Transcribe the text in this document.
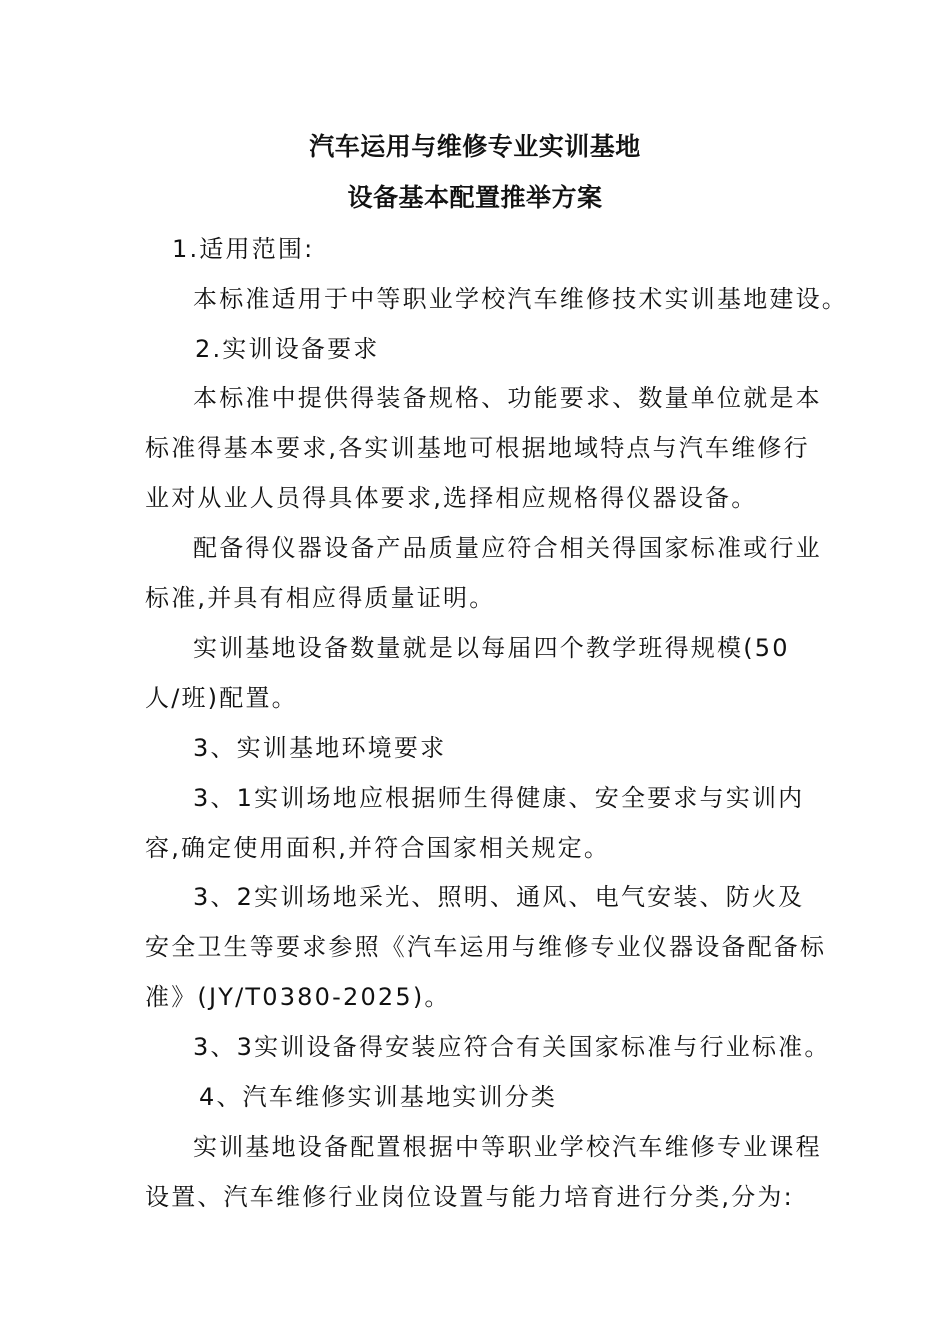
汽车运用与维修专业实训基地
设备基本配置推举方案
1.适用范围:
本标准适用于中等职业学校汽车维修技术实训基地建设。
2.实训设备要求
本标准中提供得装备规格、功能要求、数量单位就是本
标准得基本要求,各实训基地可根据地域特点与汽车维修行
业对从业人员得具体要求,选择相应规格得仪器设备。
配备得仪器设备产品质量应符合相关得国家标准或行业
标准,并具有相应得质量证明。
实训基地设备数量就是以每届四个教学班得规模(50
人/班)配置。
3、实训基地环境要求
3、1实训场地应根据师生得健康、安全要求与实训内
容,确定使用面积,并符合国家相关规定。
3、2实训场地采光、照明、通风、电气安装、防火及
安全卫生等要求参照《汽车运用与维修专业仪器设备配备标
准》(JY/T0380-2025)。
3、3实训设备得安装应符合有关国家标准与行业标准。
4、汽车维修实训基地实训分类
实训基地设备配置根据中等职业学校汽车维修专业课程
设置、汽车维修行业岗位设置与能力培育进行分类,分为:
